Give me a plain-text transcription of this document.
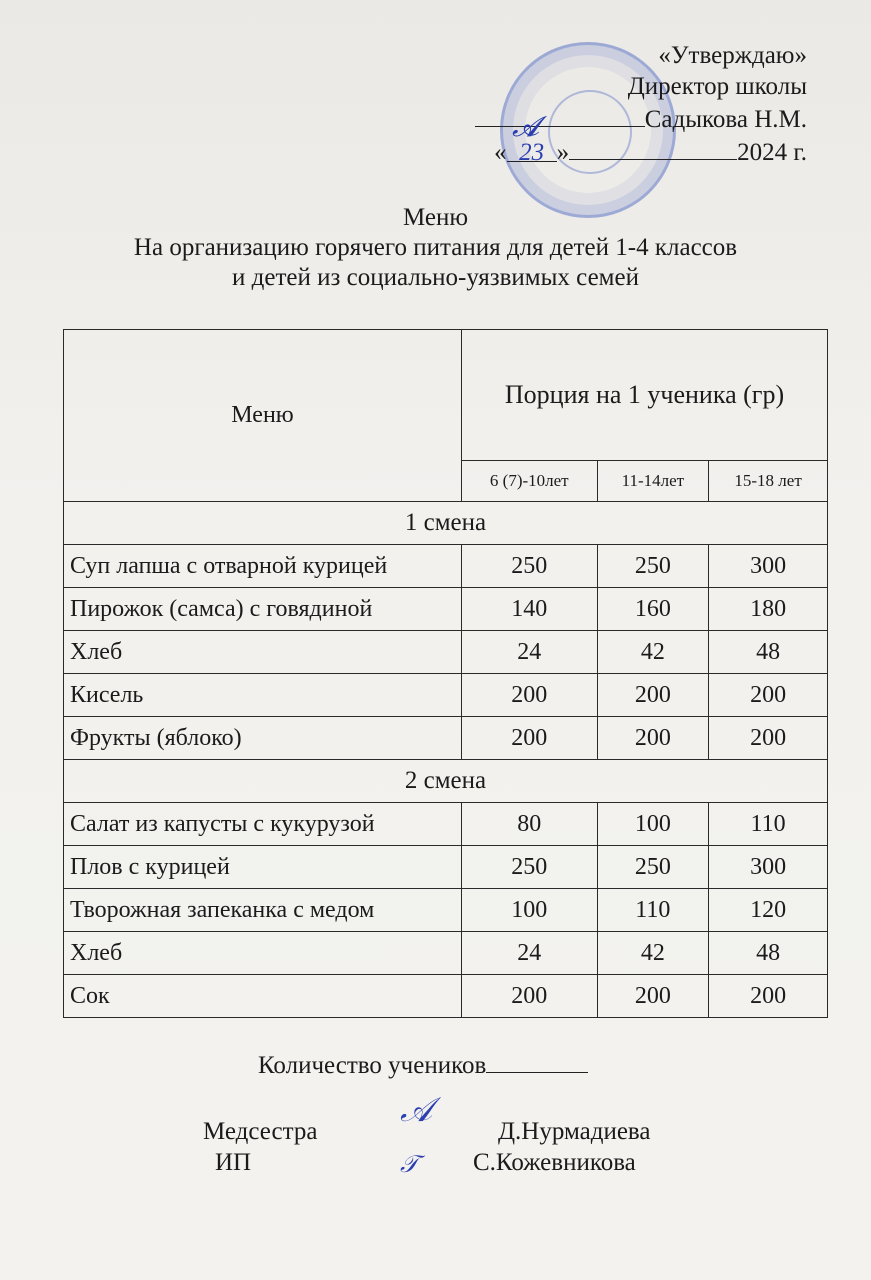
«Утверждаю»
Директор школы
Садыкова Н.М.
« 23 »	2024 г.
𝓐
Меню
На организацию горячего питания для детей 1-4 классов
и детей из социально-уязвимых семей
Меню	Порция на 1 ученика (гр)		
	6 (7)-10лет	11-14лет	15-18 лет
1 смена			
Суп лапша с отварной курицей	250	250	300
Пирожок (самса) с говядиной	140	160	180
Хлеб	24	42	48
Кисель	200	200	200
Фрукты (яблоко)	200	200	200
2 смена			
Салат из капусты с кукурузой	80	100	110
Плов с курицей	250	250	300
Творожная запеканка с медом	100	110	120
Хлеб	24	42	48
Сок	200	200	200
Количество учеников
Медсестра	Д.Нурмадиева
ИП	С.Кожевникова
𝒜
𝒯
